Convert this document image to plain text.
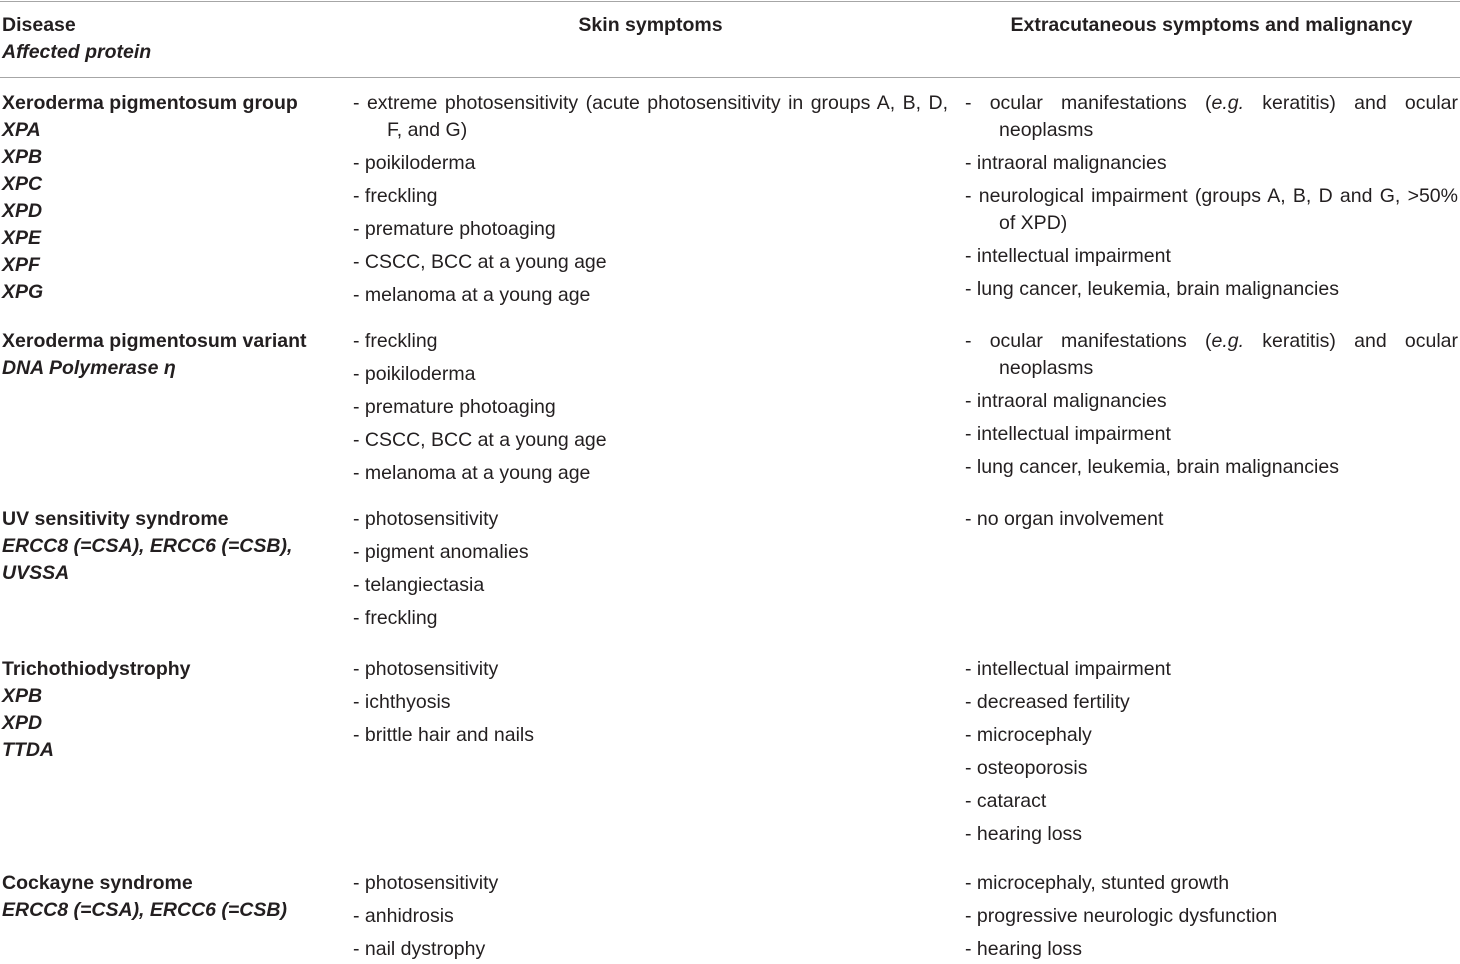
Disease
Affected protein
Skin symptoms	Extracutaneous symptoms and malignancy
Xeroderma pigmentosum group
XPA
XPB
XPC
XPD
XPE
XPF
XPG
- extreme photosensitivity (acute photosensitivity in groups A, B, D, F, and G)
- poikiloderma
- freckling
- premature photoaging
- CSCC, BCC at a young age
- melanoma at a young age
- ocular manifestations (e.g. keratitis) and ocular neoplasms
- intraoral malignancies
- neurological impairment (groups A, B, D and G, >50% of XPD)
- intellectual impairment
- lung cancer, leukemia, brain malignancies
Xeroderma pigmentosum variant
DNA Polymerase η
- freckling
- poikiloderma
- premature photoaging
- CSCC, BCC at a young age
- melanoma at a young age
- ocular manifestations (e.g. keratitis) and ocular neoplasms
- intraoral malignancies
- intellectual impairment
- lung cancer, leukemia, brain malignancies
UV sensitivity syndrome
ERCC8 (=CSA), ERCC6 (=CSB), UVSSA
- photosensitivity
- pigment anomalies
- telangiectasia
- freckling
- no organ involvement
Trichothiodystrophy
XPB
XPD
TTDA
- photosensitivity
- ichthyosis
- brittle hair and nails
- intellectual impairment
- decreased fertility
- microcephaly
- osteoporosis
- cataract
- hearing loss
Cockayne syndrome
ERCC8 (=CSA), ERCC6 (=CSB)
- photosensitivity
- anhidrosis
- nail dystrophy
- microcephaly, stunted growth
- progressive neurologic dysfunction
- hearing loss
